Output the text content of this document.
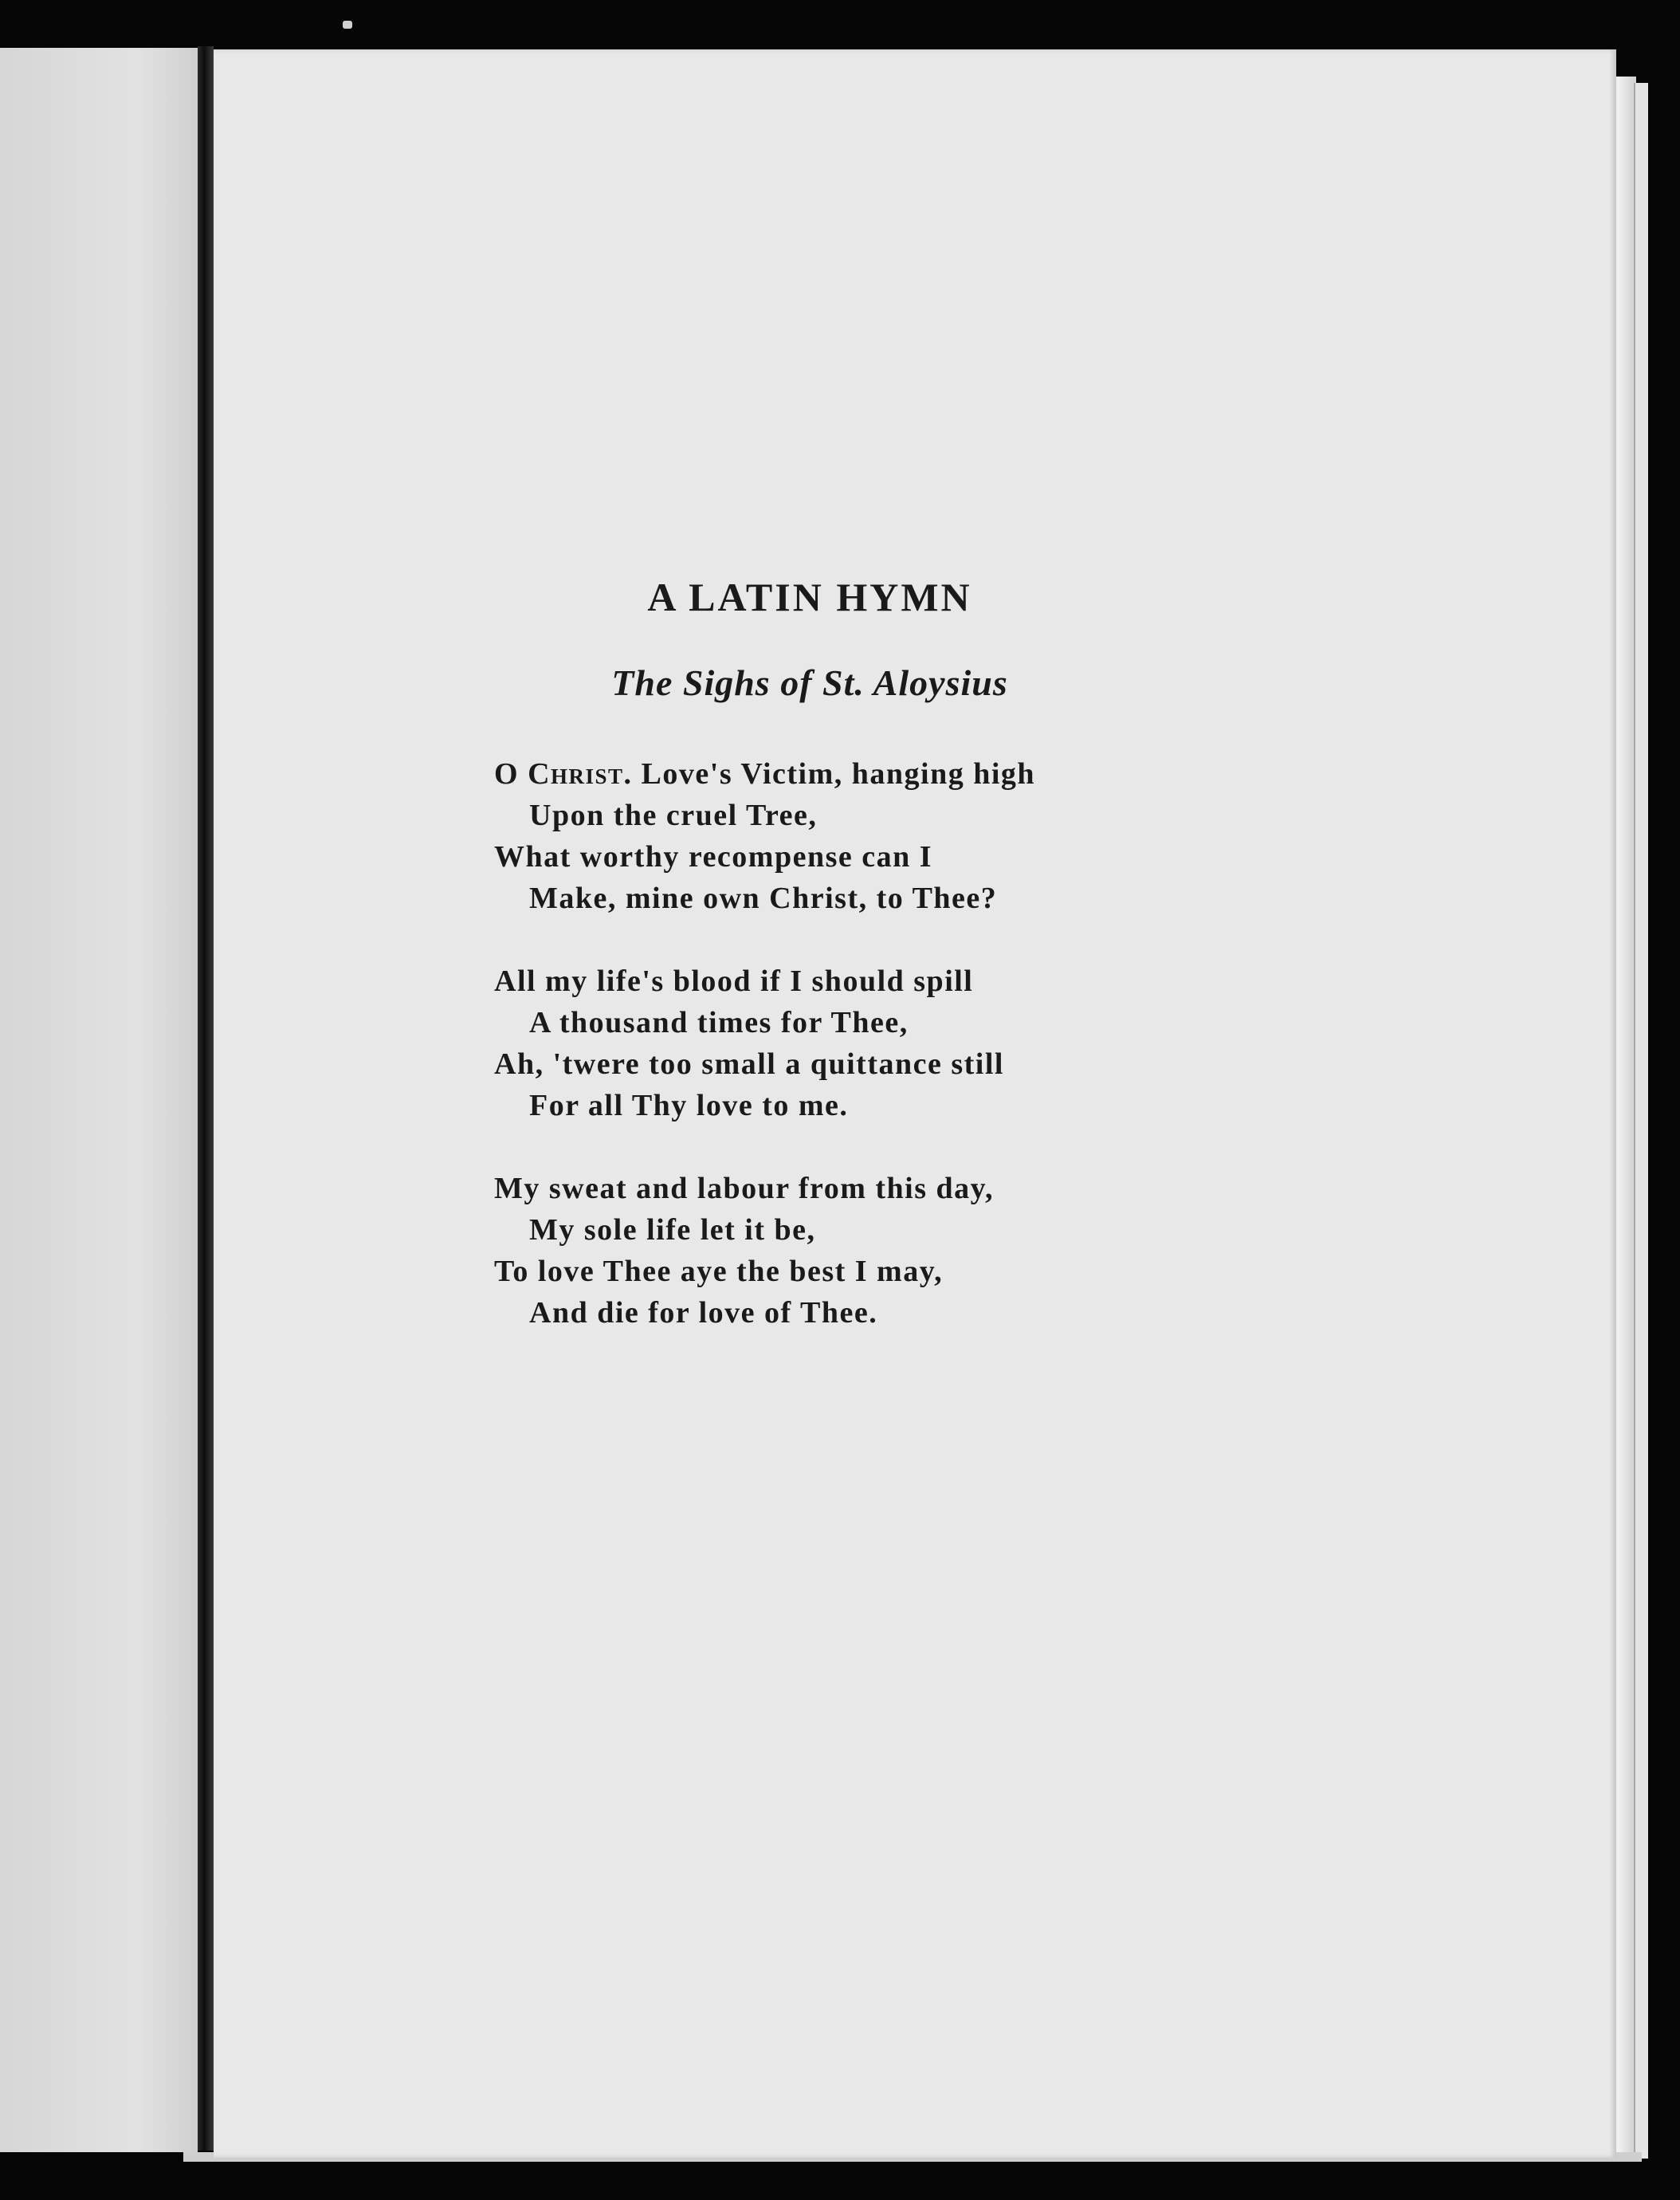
A LATIN HYMN
The Sighs of St. Aloysius
O Christ. Love's Victim, hanging high
Upon the cruel Tree,
What worthy recompense can I
Make, mine own Christ, to Thee?
All my life's blood if I should spill
A thousand times for Thee,
Ah, 'twere too small a quittance still
For all Thy love to me.
My sweat and labour from this day,
My sole life let it be,
To love Thee aye the best I may,
And die for love of Thee.
